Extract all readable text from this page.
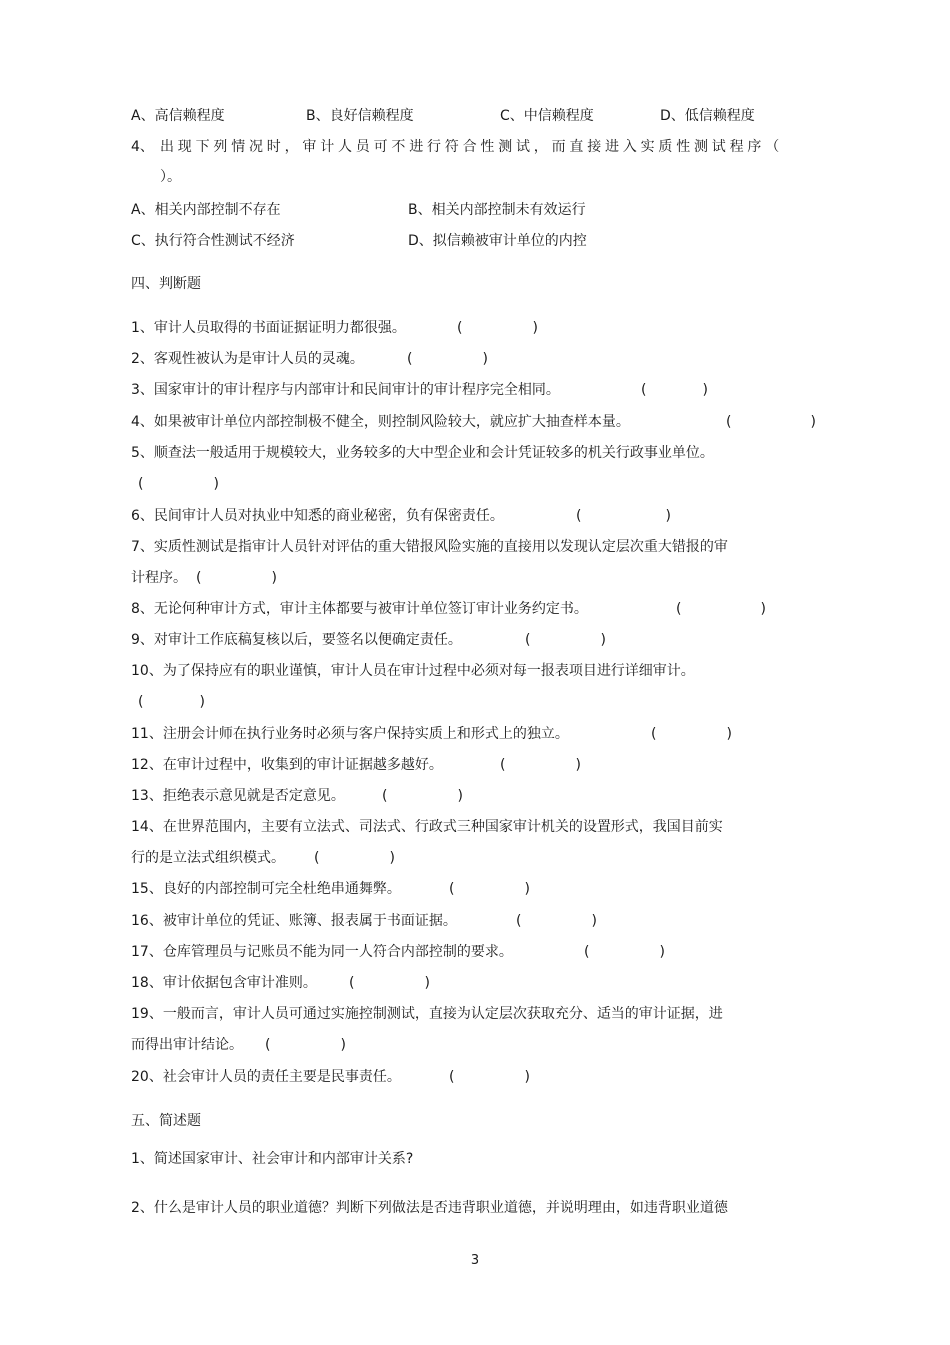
A、高信赖程度	B、良好信赖程度	C、中信赖程度	D、低信赖程度
4、 出现下列情况时，审计人员可不进行符合性测试，而直接进入实质性测试程序（
）。
A、相关内部控制不存在	B、相关内部控制未有效运行
C、执行符合性测试不经济	D、拟信赖被审计单位的内控
四、判断题
1、审计人员取得的书面证据证明力都很强。	(　　　　　)
2、客观性被认为是审计人员的灵魂。	(　　　　　)
3、国家审计的审计程序与内部审计和民间审计的审计程序完全相同。	(　　　　)
4、如果被审计单位内部控制极不健全，则控制风险较大，就应扩大抽查样本量。	(　　　　　)
5、顺查法一般适用于规模较大，业务较多的大中型企业和会计凭证较多的机关行政事业单位。
(　　　　　)
6、民间审计人员对执业中知悉的商业秘密，负有保密责任。	(　　　　　　)
7、实质性测试是指审计人员针对评估的重大错报风险实施的直接用以发现认定层次重大错报的审
计程序。 (　　　　　)
8、无论何种审计方式，审计主体都要与被审计单位签订审计业务约定书。	(　　　　　)
9、对审计工作底稿复核以后，要签名以便确定责任。	(　　　　　)
10、为了保持应有的职业谨慎，审计人员在审计过程中必须对每一报表项目进行详细审计。
(　　　　)
11、注册会计师在执行业务时必须与客户保持实质上和形式上的独立。	(　　　　　)
12、在审计过程中，收集到的审计证据越多越好。	(　　　　　)
13、拒绝表示意见就是否定意见。	(　　　　　)
14、在世界范围内，主要有立法式、司法式、行政式三种国家审计机关的设置形式，我国目前实
行的是立法式组织模式。 (　　　　　)
15、良好的内部控制可完全杜绝串通舞弊。	(　　　　　)
16、被审计单位的凭证、账簿、报表属于书面证据。	(　　　　　)
17、仓库管理员与记账员不能为同一人符合内部控制的要求。	(　　　　　)
18、审计依据包含审计准则。 (　　　　　)
19、一般而言，审计人员可通过实施控制测试，直接为认定层次获取充分、适当的审计证据，进
而得出审计结论。 (　　　　　)
20、社会审计人员的责任主要是民事责任。	(　　　　　)
五、简述题
1、简述国家审计、社会审计和内部审计关系?
2、什么是审计人员的职业道德？判断下列做法是否违背职业道德，并说明理由，如违背职业道德
3
